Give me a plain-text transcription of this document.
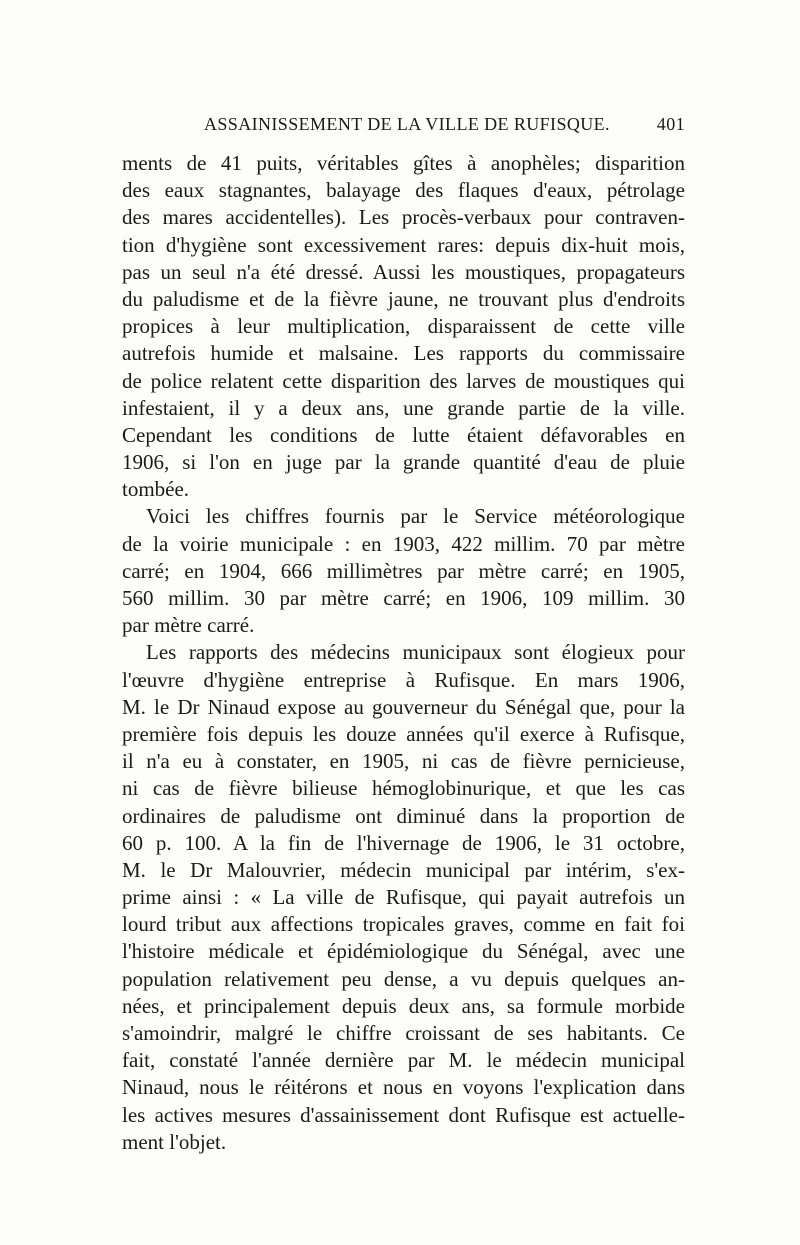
ASSAINISSEMENT DE LA VILLE DE RUFISQUE.	401
ments de 41 puits, véritables gîtes à anophèles; disparition
des eaux stagnantes, balayage des flaques d'eaux, pétrolage
des mares accidentelles). Les procès-verbaux pour contraven-
tion d'hygiène sont excessivement rares: depuis dix-huit mois,
pas un seul n'a été dressé. Aussi les moustiques, propagateurs
du paludisme et de la fièvre jaune, ne trouvant plus d'endroits
propices à leur multiplication, disparaissent de cette ville
autrefois humide et malsaine. Les rapports du commissaire
de police relatent cette disparition des larves de moustiques qui
infestaient, il y a deux ans, une grande partie de la ville.
Cependant les conditions de lutte étaient défavorables en
1906, si l'on en juge par la grande quantité d'eau de pluie
tombée.
Voici les chiffres fournis par le Service météorologique
de la voirie municipale : en 1903, 422 millim. 70 par mètre
carré; en 1904, 666 millimètres par mètre carré; en 1905,
560 millim. 30 par mètre carré; en 1906, 109 millim. 30
par mètre carré.
Les rapports des médecins municipaux sont élogieux pour
l'œuvre d'hygiène entreprise à Rufisque. En mars 1906,
M. le Dr Ninaud expose au gouverneur du Sénégal que, pour la
première fois depuis les douze années qu'il exerce à Rufisque,
il n'a eu à constater, en 1905, ni cas de fièvre pernicieuse,
ni cas de fièvre bilieuse hémoglobinurique, et que les cas
ordinaires de paludisme ont diminué dans la proportion de
60 p. 100. A la fin de l'hivernage de 1906, le 31 octobre,
M. le Dr Malouvrier, médecin municipal par intérim, s'ex-
prime ainsi : « La ville de Rufisque, qui payait autrefois un
lourd tribut aux affections tropicales graves, comme en fait foi
l'histoire médicale et épidémiologique du Sénégal, avec une
population relativement peu dense, a vu depuis quelques an-
nées, et principalement depuis deux ans, sa formule morbide
s'amoindrir, malgré le chiffre croissant de ses habitants. Ce
fait, constaté l'année dernière par M. le médecin municipal
Ninaud, nous le réitérons et nous en voyons l'explication dans
les actives mesures d'assainissement dont Rufisque est actuelle-
ment l'objet.
